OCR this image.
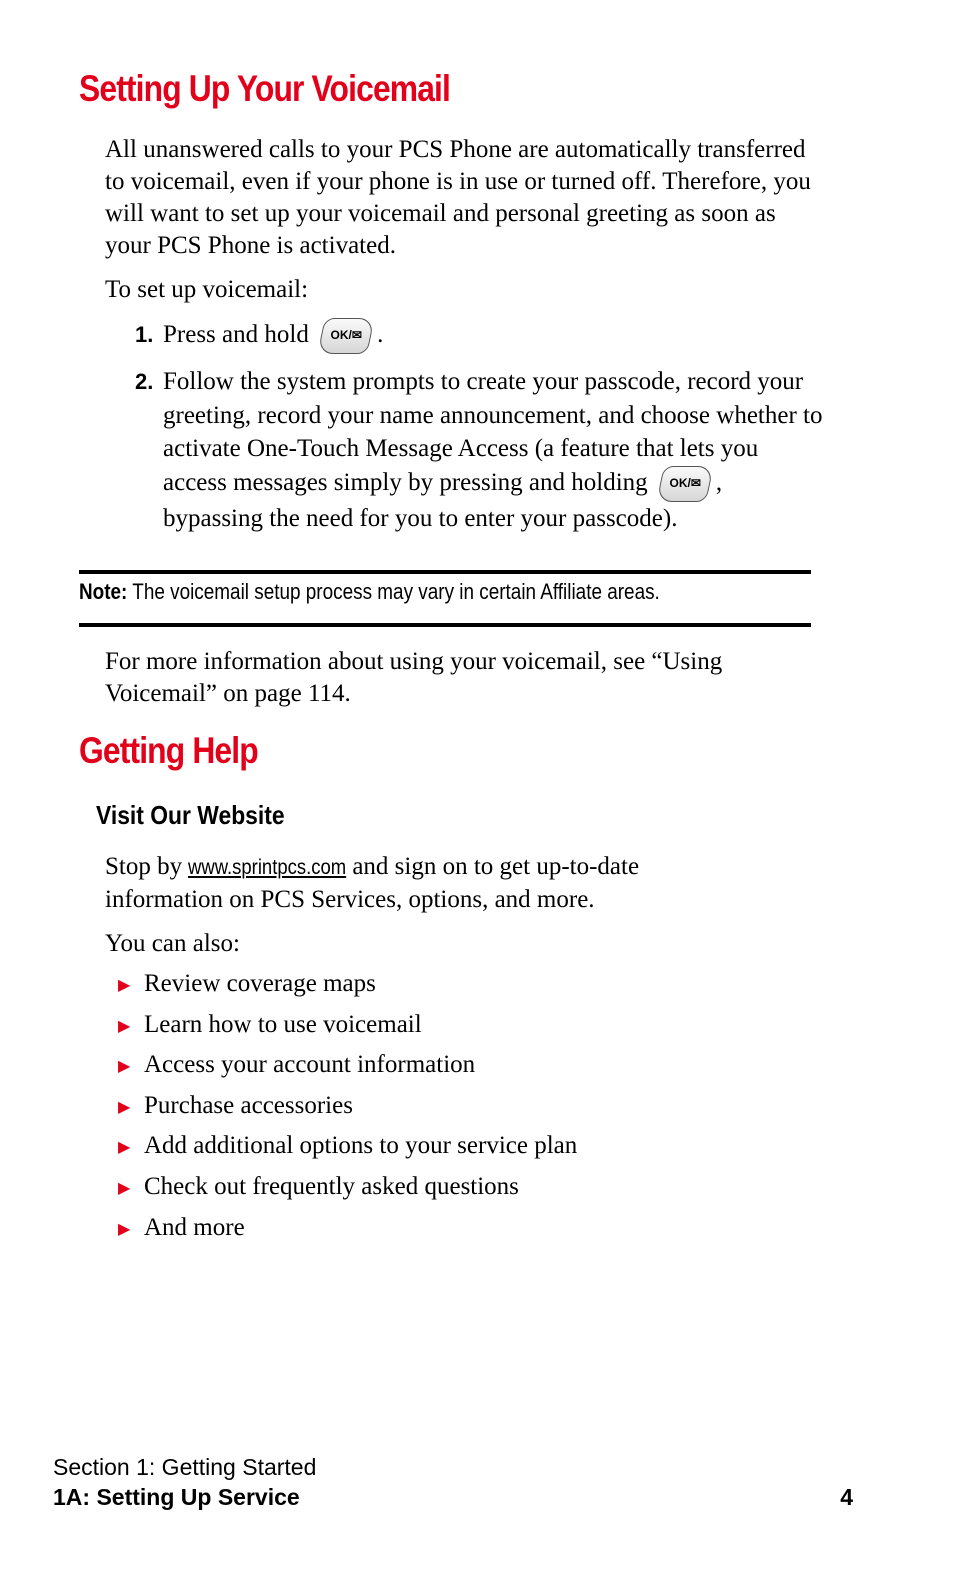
Setting Up Your Voicemail

All unanswered calls to your PCS Phone are automatically transferred to voicemail, even if your phone is in use or turned off. Therefore, you will want to set up your voicemail and personal greeting as soon as your PCS Phone is activated.

To set up voicemail:

1. Press and hold	OK/✉ .
2. Follow the system prompts to create your passcode, record your greeting, record your name announcement, and choose whether to activate One-Touch Message Access (a feature that lets you access messages simply by pressing and holding	OK/✉ , bypassing the need for you to enter your passcode).
Note: The voicemail setup process may vary in certain Affiliate areas.

For more information about using your voicemail, see “Using Voicemail” on page 114.

Getting Help
Visit Our Website

Stop by www.sprintpcs.com and sign on to get up-to-date information on PCS Services, options, and more.

You can also:

▶ Review coverage maps
▶ Learn how to use voicemail
▶ Access your account information
▶ Purchase accessories
▶ Add additional options to your service plan
▶ Check out frequently asked questions
▶ And more
Section 1: Getting Started
1A: Setting Up Service	4
